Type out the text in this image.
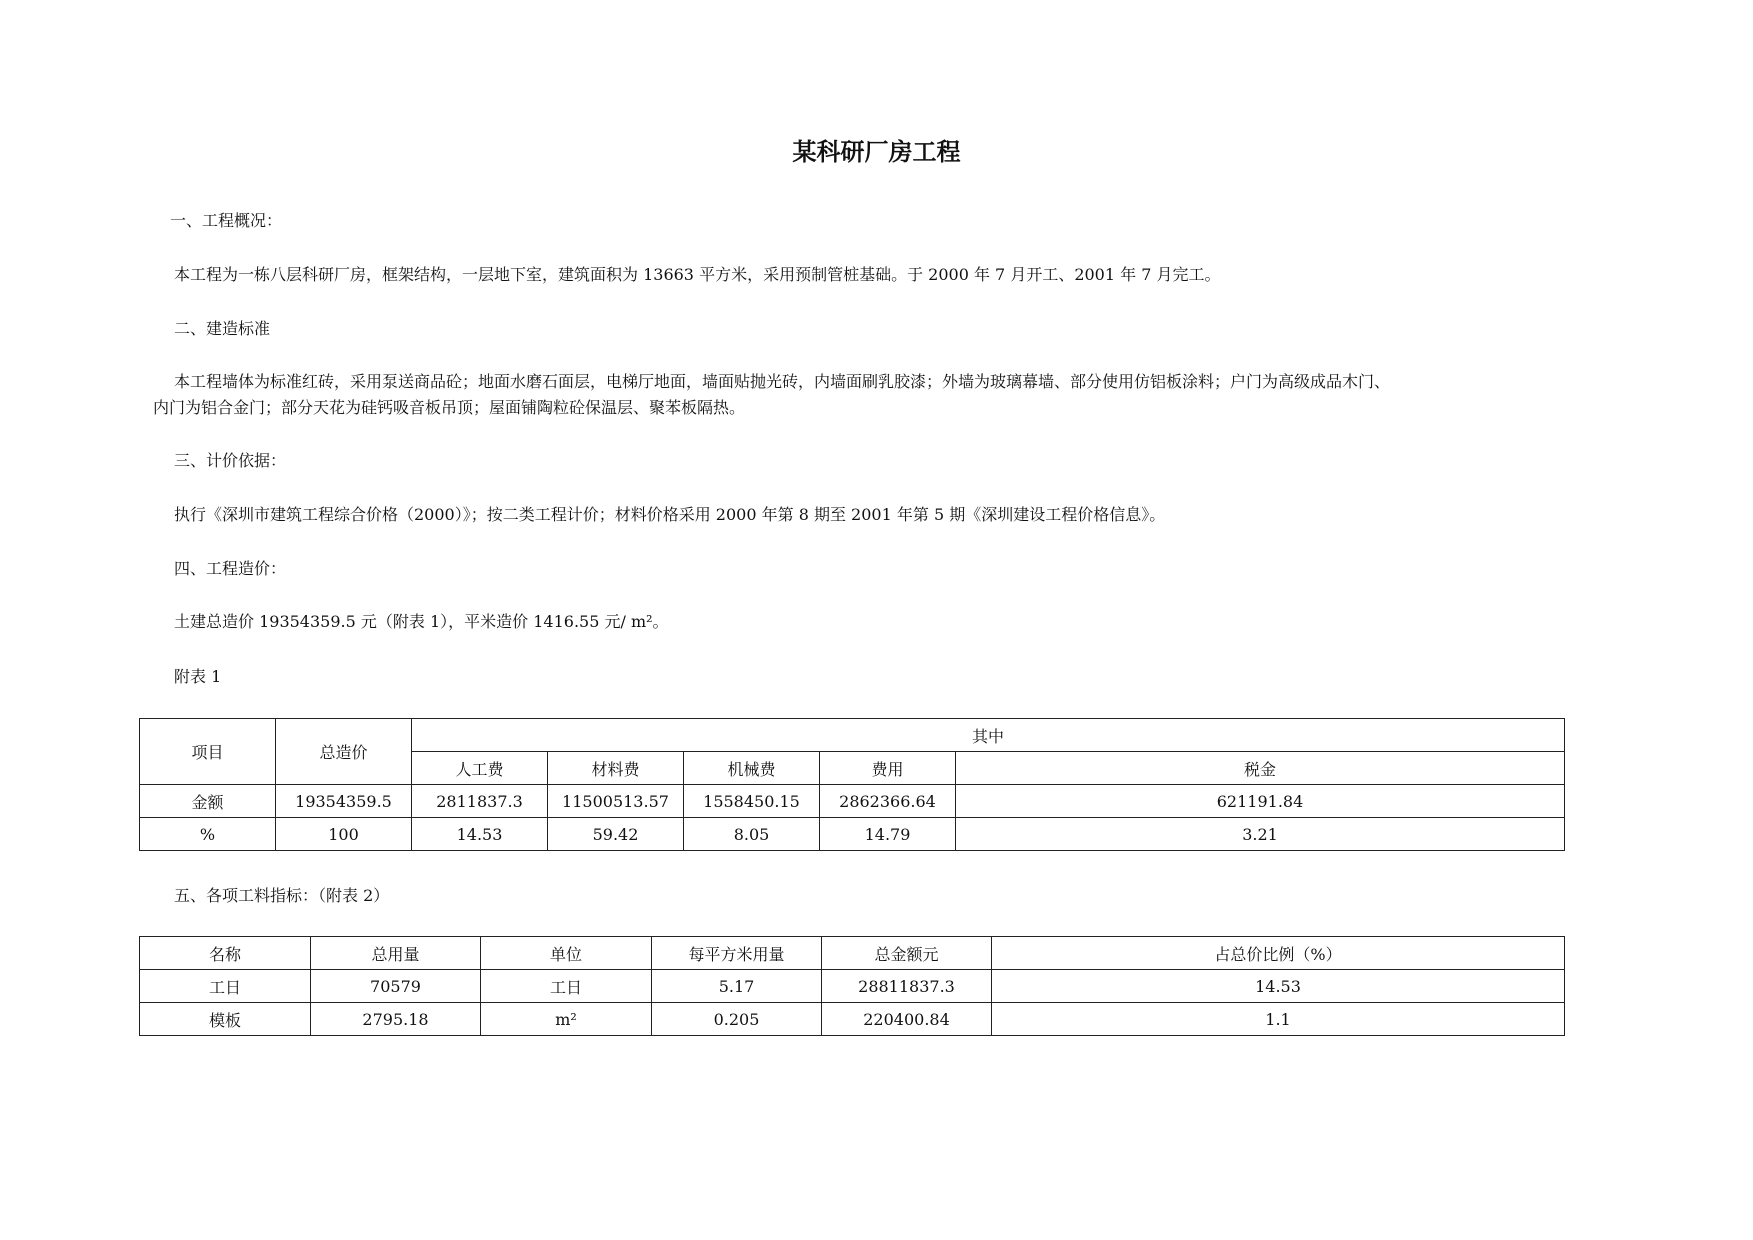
某科研厂房工程
一、工程概况：
本工程为一栋八层科研厂房，框架结构，一层地下室，建筑面积为 13663 平方米，采用预制管桩基础。于 2000 年 7 月开工、2001 年 7 月完工。
二、建造标准
本工程墙体为标准红砖，采用泵送商品砼；地面水磨石面层，电梯厅地面，墙面贴抛光砖，内墙面刷乳胶漆；外墙为玻璃幕墙、部分使用仿铝板涂料；户门为高级成品木门、
内门为铝合金门；部分天花为硅钙吸音板吊顶；屋面铺陶粒砼保温层、聚苯板隔热。
三、计价依据：
执行《深圳市建筑工程综合价格（2000）》；按二类工程计价；材料价格采用 2000 年第 8 期至 2001 年第 5 期《深圳建设工程价格信息》。
四、工程造价：
土建总造价 19354359.5 元（附表 1），平米造价 1416.55 元/ m²。
附表 1
项目	总造价	其中				
		人工费	材料费	机械费	费用	税金
金额	19354359.5	2811837.3	11500513.57	1558450.15	2862366.64	621191.84
%	100	14.53	59.42	8.05	14.79	3.21
五、各项工料指标：（附表 2）
名称	总用量	单位	每平方米用量	总金额元	占总价比例（%）
工日	70579	工日	5.17	28811837.3	14.53
模板	2795.18	m²	0.205	220400.84	1.1
